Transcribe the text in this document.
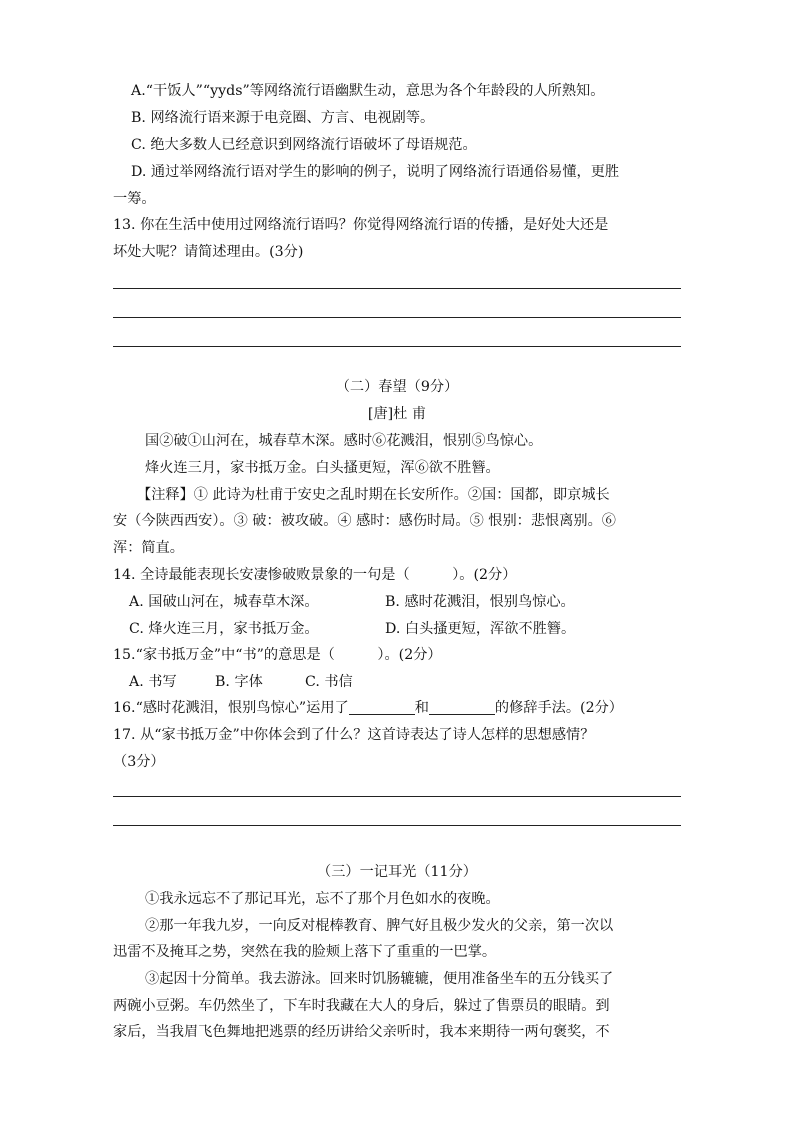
A.“干饭人”“yyds”等网络流行语幽默生动，意思为各个年龄段的人所熟知。
B. 网络流行语来源于电竞圈、方言、电视剧等。
C. 绝大多数人已经意识到网络流行语破坏了母语规范。
D. 通过举网络流行语对学生的影响的例子，说明了网络流行语通俗易懂，更胜
一筹。
13. 你在生活中使用过网络流行语吗？你觉得网络流行语的传播，是好处大还是
坏处大呢？请简述理由。(3分)
（二）春望（9分）
[唐]杜 甫
国②破①山河在，城春草木深。感时⑥花溅泪，恨别⑤鸟惊心。
烽火连三月，家书抵万金。白头搔更短，浑⑥欲不胜簪。
【注释】① 此诗为杜甫于安史之乱时期在长安所作。②国：国都，即京城长
安（今陕西西安）。③ 破：被攻破。④ 感时：感伤时局。⑤ 恨别：悲恨离别。⑥
浑：简直。
14. 全诗最能表现长安凄惨破败景象的一句是（　　　）。(2分）
A. 国破山河在，城春草木深。	B. 感时花溅泪，恨别鸟惊心。
C. 烽火连三月，家书抵万金。	D. 白头搔更短，浑欲不胜簪。
15.“家书抵万金”中“书”的意思是（　　　）。(2分）
A. 书写	B. 字体	C. 书信
16.“感时花溅泪，恨别鸟惊心”运用了	和	的修辞手法。(2分）
17. 从“家书抵万金”中你体会到了什么？这首诗表达了诗人怎样的思想感情？
（3分）
（三）一记耳光（11分）
①我永远忘不了那记耳光，忘不了那个月色如水的夜晚。
②那一年我九岁，一向反对棍棒教育、脾气好且极少发火的父亲，第一次以
迅雷不及掩耳之势，突然在我的脸颊上落下了重重的一巴掌。
③起因十分简单。我去游泳。回来时饥肠辘辘，便用准备坐车的五分钱买了
两碗小豆粥。车仍然坐了，下车时我藏在大人的身后，躲过了售票员的眼睛。到
家后，当我眉飞色舞地把逃票的经历讲给父亲听时，我本来期待一两句褒奖，不
